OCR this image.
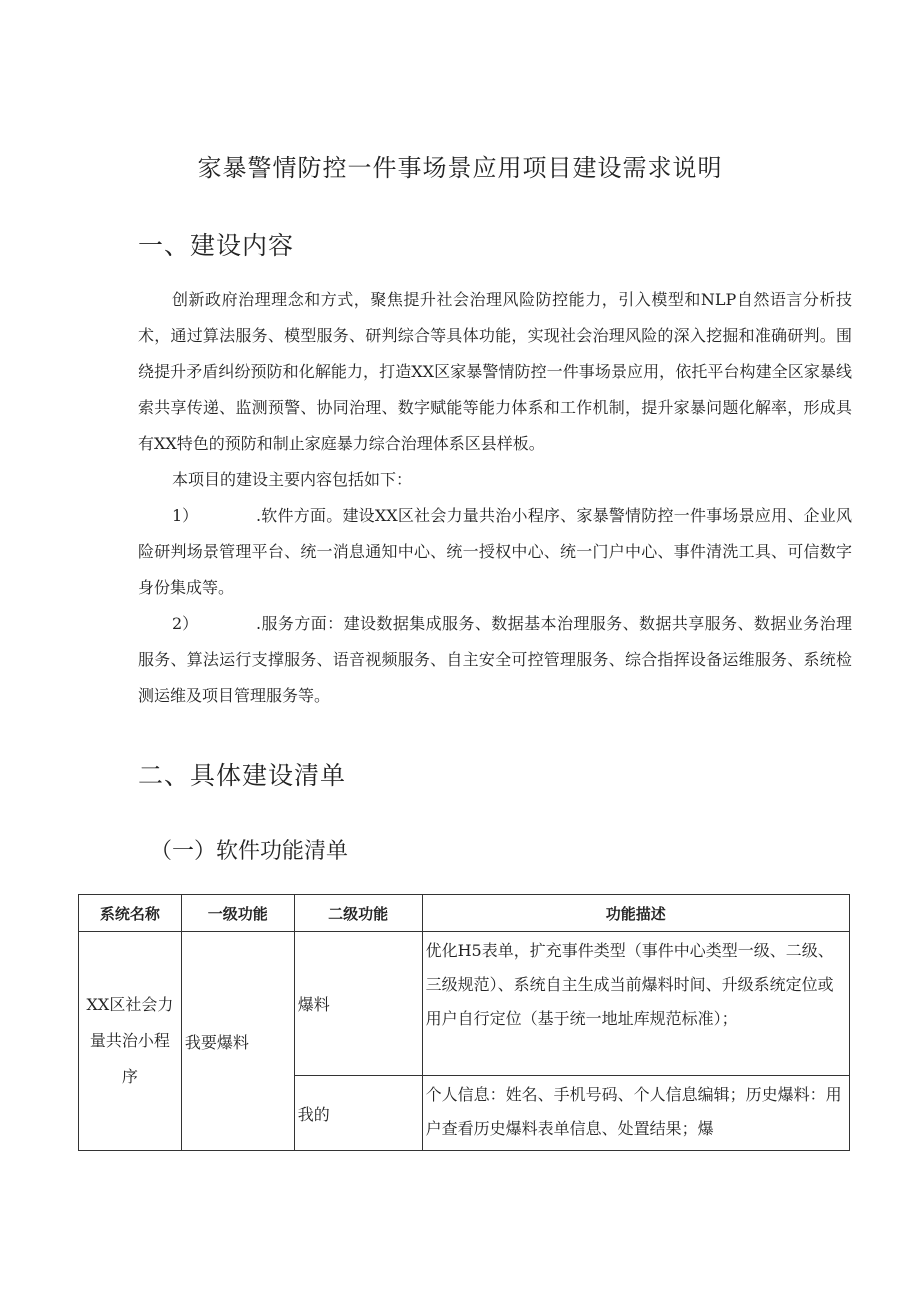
家暴警情防控一件事场景应用项目建设需求说明
一、建设内容

创新政府治理理念和方式，聚焦提升社会治理风险防控能力，引入模型和NLP自然语言分析技术，通过算法服务、模型服务、研判综合等具体功能，实现社会治理风险的深入挖掘和准确研判。围绕提升矛盾纠纷预防和化解能力，打造XX区家暴警情防控一件事场景应用，依托平台构建全区家暴线索共享传递、监测预警、协同治理、数字赋能等能力体系和工作机制，提升家暴问题化解率，形成具有XX特色的预防和制止家庭暴力综合治理体系区县样板。

本项目的建设主要内容包括如下：

1）	.软件方面。建设XX区社会力量共治小程序、家暴警情防控一件事场景应用、企业风险研判场景管理平台、统一消息通知中心、统一授权中心、统一门户中心、事件清洗工具、可信数字身份集成等。

2）	.服务方面：建设数据集成服务、数据基本治理服务、数据共享服务、数据业务治理服务、算法运行支撑服务、语音视频服务、自主安全可控管理服务、综合指挥设备运维服务、系统检测运维及项目管理服务等。

二、具体建设清单
（一）软件功能清单
系统名称	一级功能	二级功能	功能描述
XX区社会力量共治小程序	我要爆料	爆料	优化H5表单，扩充事件类型（事件中心类型一级、二级、三级规范）、系统自主生成当前爆料时间、升级系统定位或用户自行定位（基于统一地址库规范标准）；
		我的	个人信息：姓名、手机号码、个人信息编辑；历史爆料：用户查看历史爆料表单信息、处置结果；爆
